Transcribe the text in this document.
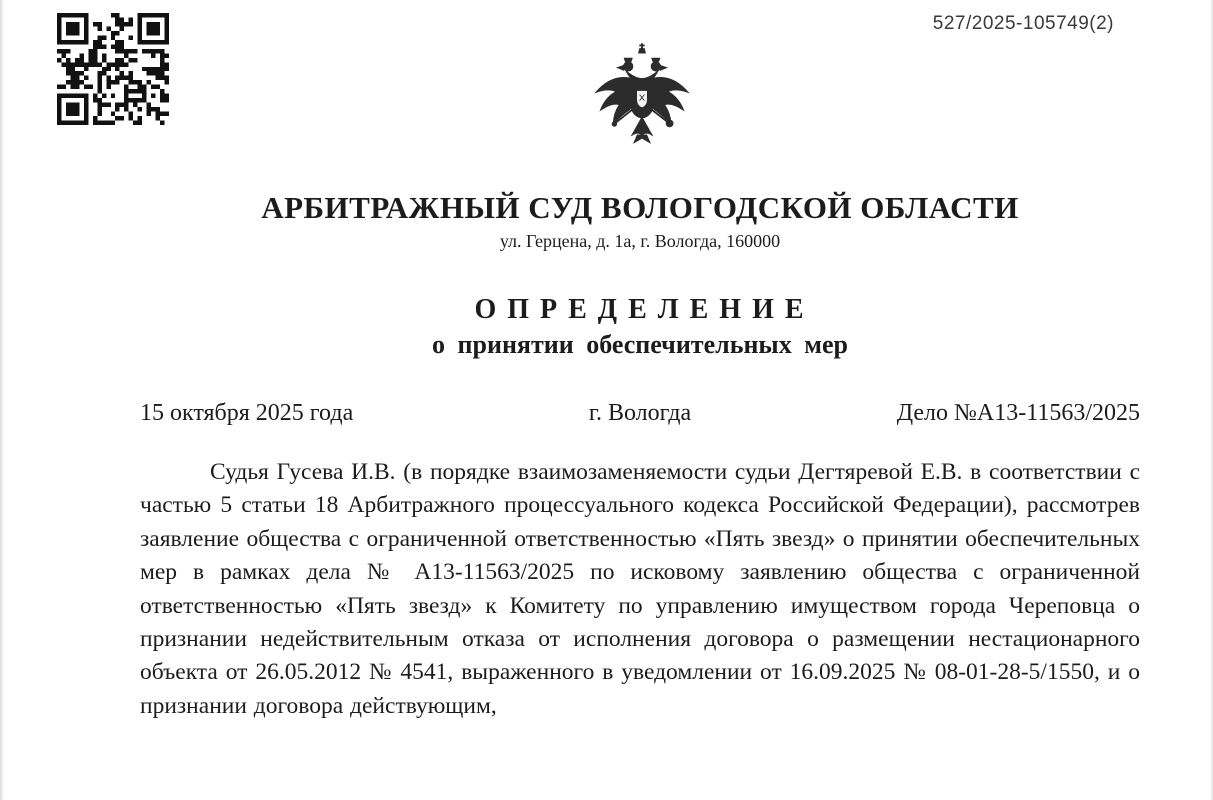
527/2025-105749(2)
АРБИТРАЖНЫЙ СУД ВОЛОГОДСКОЙ ОБЛАСТИ
ул. Герцена, д. 1а, г. Вологда, 160000
О П Р Е Д Е Л Е Н И Е
о принятии обеспечительных мер
15 октября 2025 года	г. Вологда	Дело №А13-11563/2025
Судья Гусева И.В. (в порядке взаимозаменяемости судьи Дегтяревой Е.В. в соответствии с частью 5 статьи 18 Арбитражного процессуального кодекса Российской Федерации), рассмотрев заявление общества с ограниченной ответственностью «Пять звезд» о принятии обеспечительных мер в рамках дела № А13-11563/2025 по исковому заявлению общества с ограниченной ответственностью «Пять звезд» к Комитету по управлению имуществом города Череповца о признании недействительным отказа от исполнения договора о размещении нестационарного объекта от 26.05.2012 № 4541, выраженного в уведомлении от 16.09.2025 № 08-01-28-5/1550, и о признании договора действующим,
